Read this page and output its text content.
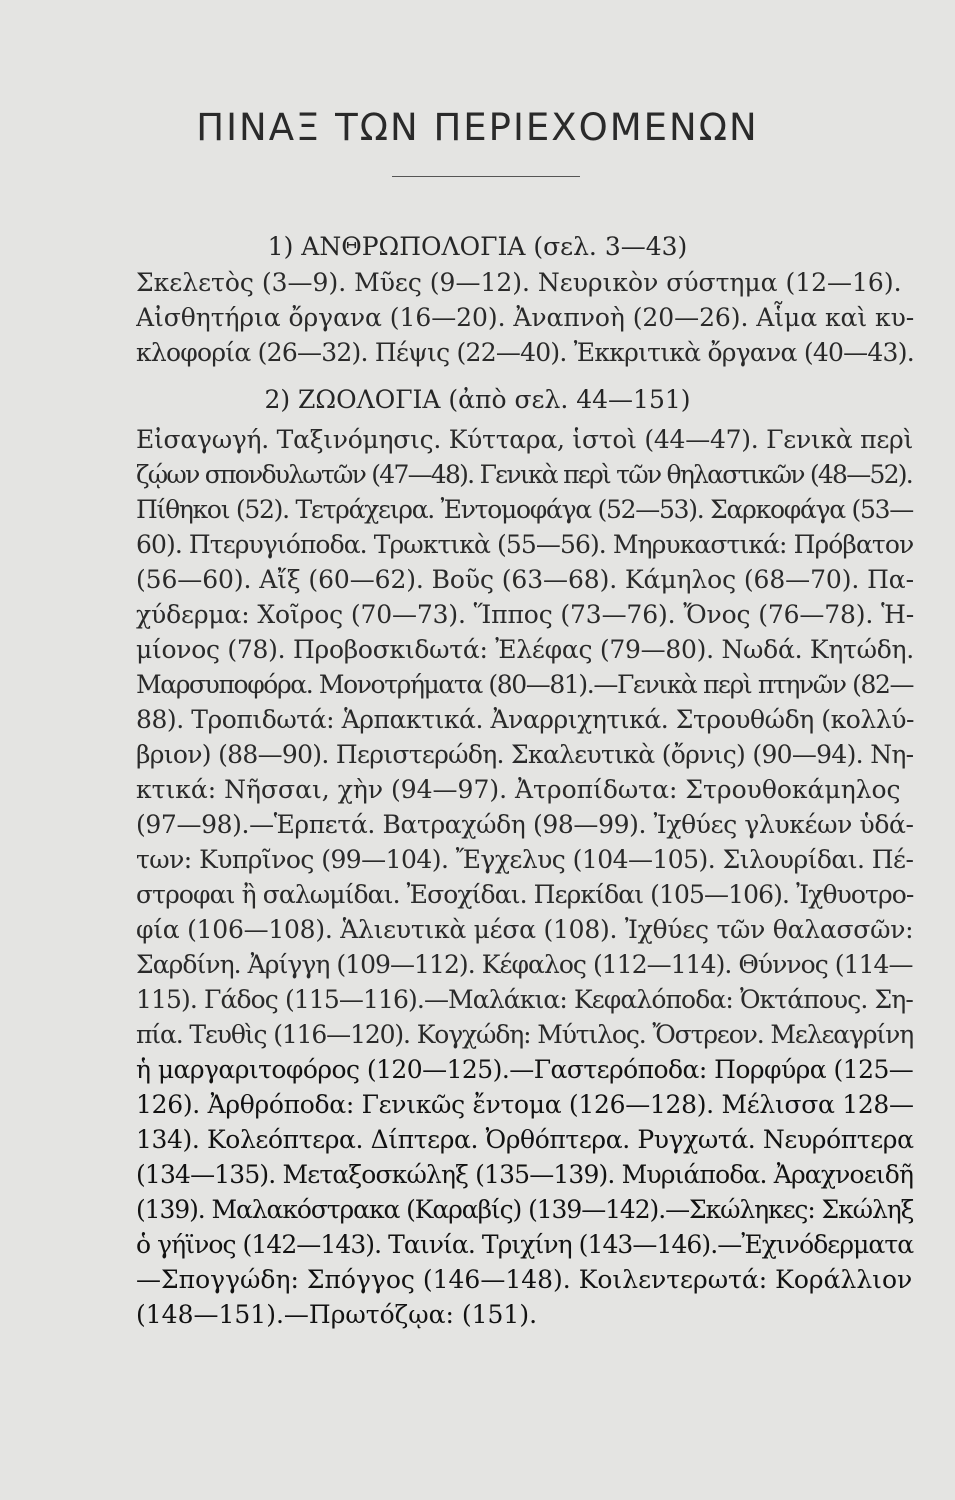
ΠΙΝΑΞ ΤΩΝ ΠΕΡΙΕΧΟΜΕΝΩΝ
1) ΑΝΘΡΩΠΟΛΟΓΙΑ (σελ. 3—43)
Σκελετὸς (3—9). Μῦες (9—12). Νευρικὸν σύστημα (12—16).
Αἰσθητήρια ὄργανα (16—20). Ἀναπνοὴ (20—26). Αἷμα καὶ κυ-
κλοφορία (26—32). Πέψις (22—40). Ἐκκριτικὰ ὄργανα (40—43).
2) ΖΩΟΛΟΓΙΑ (ἀπὸ σελ. 44—151)
Εἰσαγωγή. Ταξινόμησις. Κύτταρα, ἱστοὶ (44—47). Γενικὰ περὶ
ζῴων σπονδυλωτῶν (47—48). Γενικὰ περὶ τῶν θηλαστικῶν (48—52).
Πίθηκοι (52). Τετράχειρα. Ἐντομοφάγα (52—53). Σαρκοφάγα (53—
60). Πτερυγιόποδα. Τρωκτικὰ (55—56). Μηρυκαστικά: Πρόβατον
(56—60). Αἴξ (60—62). Βοῦς (63—68). Κάμηλος (68—70). Πα-
χύδερμα: Χοῖρος (70—73). Ἵππος (73—76). Ὄνος (76—78). Ἡ-
μίονος (78). Προβοσκιδωτά: Ἐλέφας (79—80). Νωδά. Κητώδη.
Μαρσυποφόρα. Μονοτρήματα (80—81).—Γενικὰ περὶ πτηνῶν (82—
88). Τροπιδωτά: Ἁρπακτικά. Ἀναρριχητικά. Στρουθώδη (κολλύ-
βριον) (88—90). Περιστερώδη. Σκαλευτικὰ (ὄρνις) (90—94). Νη-
κτικά: Νῆσσαι, χὴν (94—97). Ἀτροπίδωτα: Στρουθοκάμηλος
(97—98).—Ἑρπετά. Βατραχώδη (98—99). Ἰχθύες γλυκέων ὑδά-
των: Κυπρῖνος (99—104). Ἔγχελυς (104—105). Σιλουρίδαι. Πέ-
στροφαι ἢ σαλωμίδαι. Ἐσοχίδαι. Περκίδαι (105—106). Ἰχθυοτρο-
φία (106—108). Ἁλιευτικὰ μέσα (108). Ἰχθύες τῶν θαλασσῶν:
Σαρδίνη. Ἀρίγγη (109—112). Κέφαλος (112—114). Θύννος (114—
115). Γάδος (115—116).—Μαλάκια: Κεφαλόποδα: Ὀκτάπους. Ση-
πία. Τευθὶς (116—120). Κογχώδη: Μύτιλος. Ὄστρεον. Μελεαγρίνη
ἡ μαργαριτοφόρος (120—125).—Γαστερόποδα: Πορφύρα (125—
126). Ἀρθρόποδα: Γενικῶς ἔντομα (126—128). Μέλισσα 128—
134). Κολεόπτερα. Δίπτερα. Ὀρθόπτερα. Ρυγχωτά. Νευρόπτερα
(134—135). Μεταξοσκώληξ (135—139). Μυριάποδα. Ἀραχνοειδῆ
(139). Μαλακόστρακα (Καραβίς) (139—142).—Σκώληκες: Σκώληξ
ὁ γήϊνος (142—143). Ταινία. Τριχίνη (143—146).—Ἐχινόδερματα
—Σπογγώδη: Σπόγγος (146—148). Κοιλεντερωτά: Κοράλλιον
(148—151).—Πρωτόζῳα: (151).
